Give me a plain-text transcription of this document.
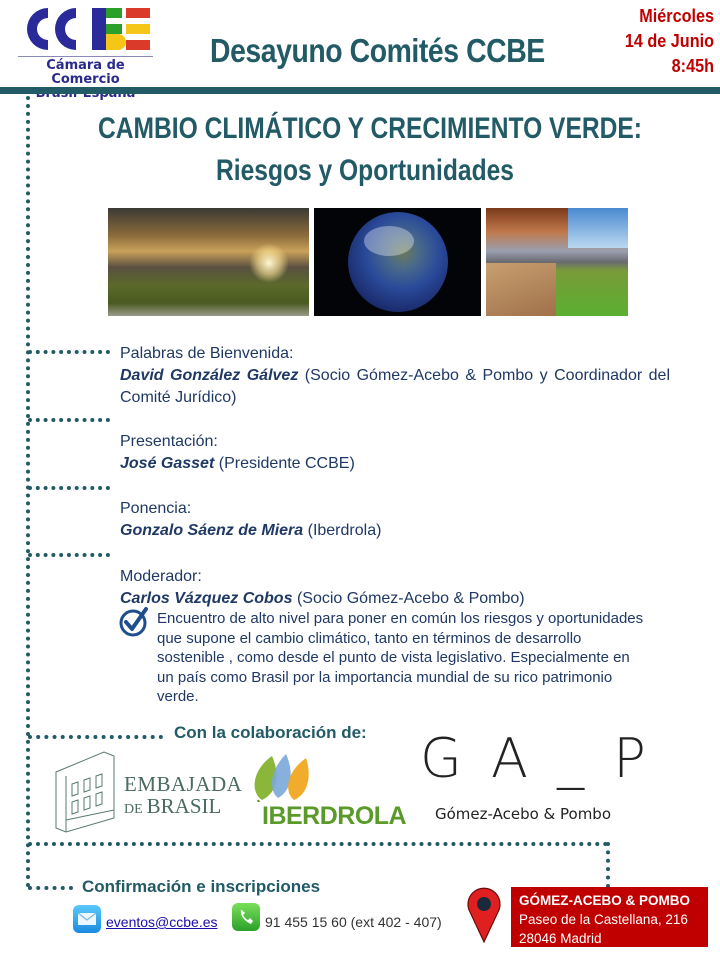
Cámara de Comercio
Desayuno Comités CCBE
Miércoles
14 de Junio
8:45h
CAMBIO CLIMÁTICO Y CRECIMIENTO VERDE:
Riesgos y Oportunidades
Palabras de Bienvenida:
David González Gálvez (Socio Gómez-Acebo & Pombo y Coordinador del Comité Jurídico)
Presentación:
José Gasset (Presidente CCBE)
Ponencia:
Gonzalo Sáenz de Miera (Iberdrola)
Moderador:
Carlos Vázquez Cobos (Socio Gómez-Acebo & Pombo)
Encuentro de alto nivel para poner en común los riesgos y oportunidades que supone el cambio climático, tanto en términos de desarrollo sostenible , como desde el punto de vista legislativo. Especialmente en un país como Brasil por la importancia mundial de su rico patrimonio verde.
Con la colaboración de:
EMBAJADA
DE BRASIL IBERDROLA
G A _ P
Gómez-Acebo & Pombo
Confirmación e inscripciones
eventos@ccbe.es	91 455 15 60 (ext 402 - 407)
GÓMEZ-ACEBO & POMBO
Paseo de la Castellana, 216
28046 Madrid
